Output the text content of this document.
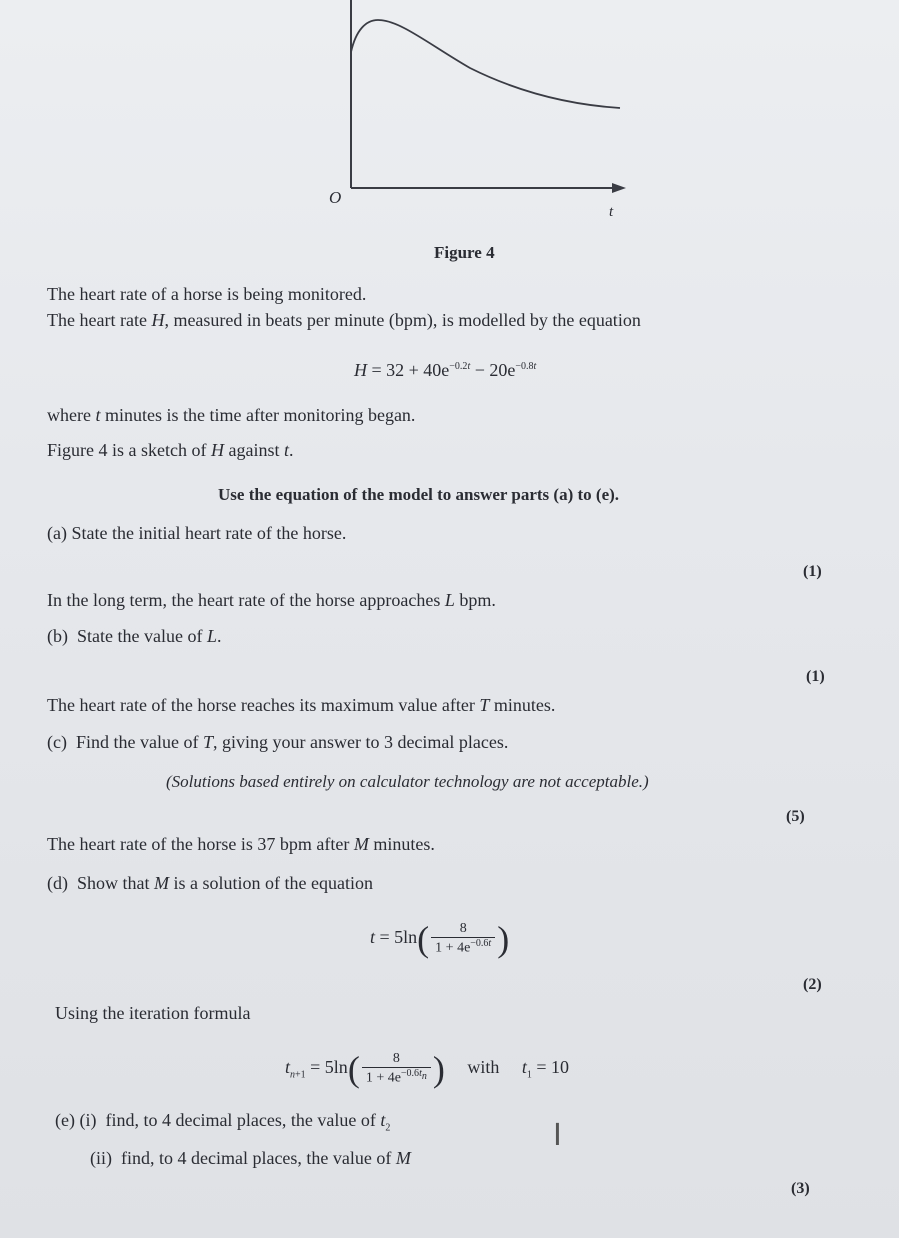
O
t
Figure 4
The heart rate of a horse is being monitored.
The heart rate H, measured in beats per minute (bpm), is modelled by the equation
$H = 32 + 40e^{-0.2t} - 20e^{-0.8t}$
where t minutes is the time after monitoring began.
Figure 4 is a sketch of H against t.
Use the equation of the model to answer parts (a) to (e).
(a) State the initial heart rate of the horse.
(1)
In the long term, the heart rate of the horse approaches L bpm.
(b)  State the value of L.
(1)
The heart rate of the horse reaches its maximum value after T minutes.
(c)  Find the value of T, giving your answer to 3 decimal places.
(Solutions based entirely on calculator technology are not acceptable.)
(5)
The heart rate of the horse is 37 bpm after M minutes.
(d)  Show that M is a solution of the equation
$t = 5\ln( \frac{8}{1 + 4e^{-0.6t}}$ )
(2)
Using the iteration formula
$t_{n+1} = 5\ln( \frac{8}{1 + 4e^{-0.6t_n}}$ )     with     $t_1 = 10$
(e) (i)  find, to 4 decimal places, the value of $t_2$
(ii)  find, to 4 decimal places, the value of M
(3)
I
